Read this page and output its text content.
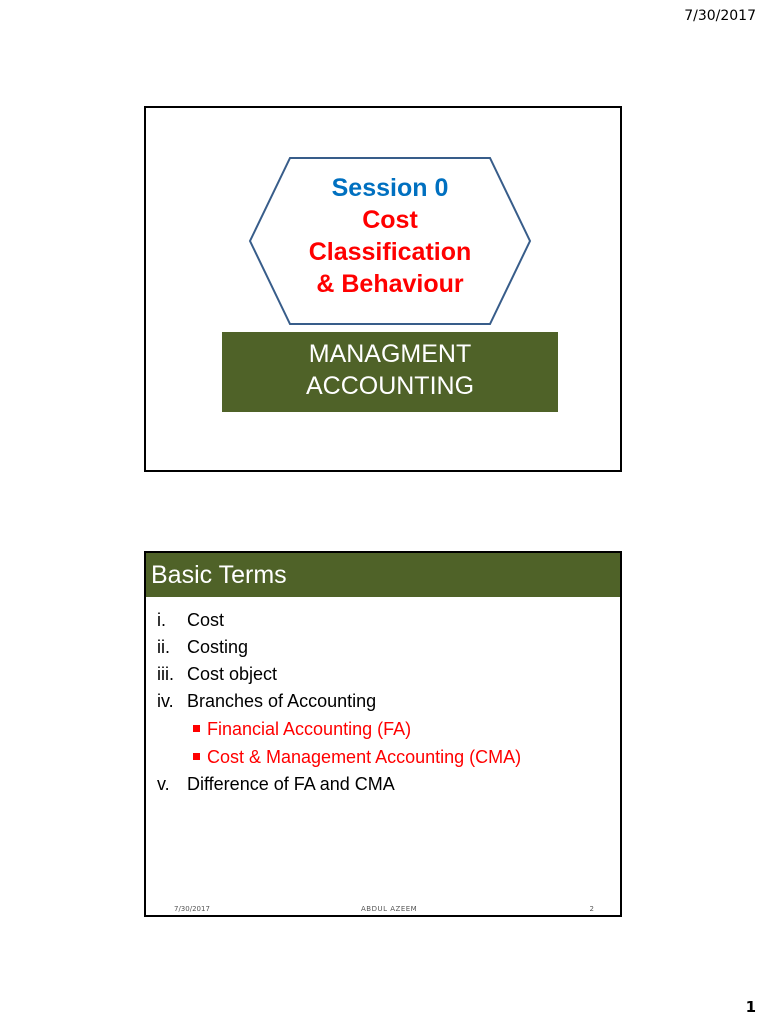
7/30/2017
Session 0
Cost
Classification
& Behaviour
MANAGMENT
ACCOUNTING
Basic Terms
i. Cost
ii. Costing
iii. Cost object
iv. Branches of Accounting
Financial Accounting (FA)
Cost & Management Accounting (CMA)
v. Difference of FA and CMA
7/30/2017	ABDUL AZEEM	2
1
